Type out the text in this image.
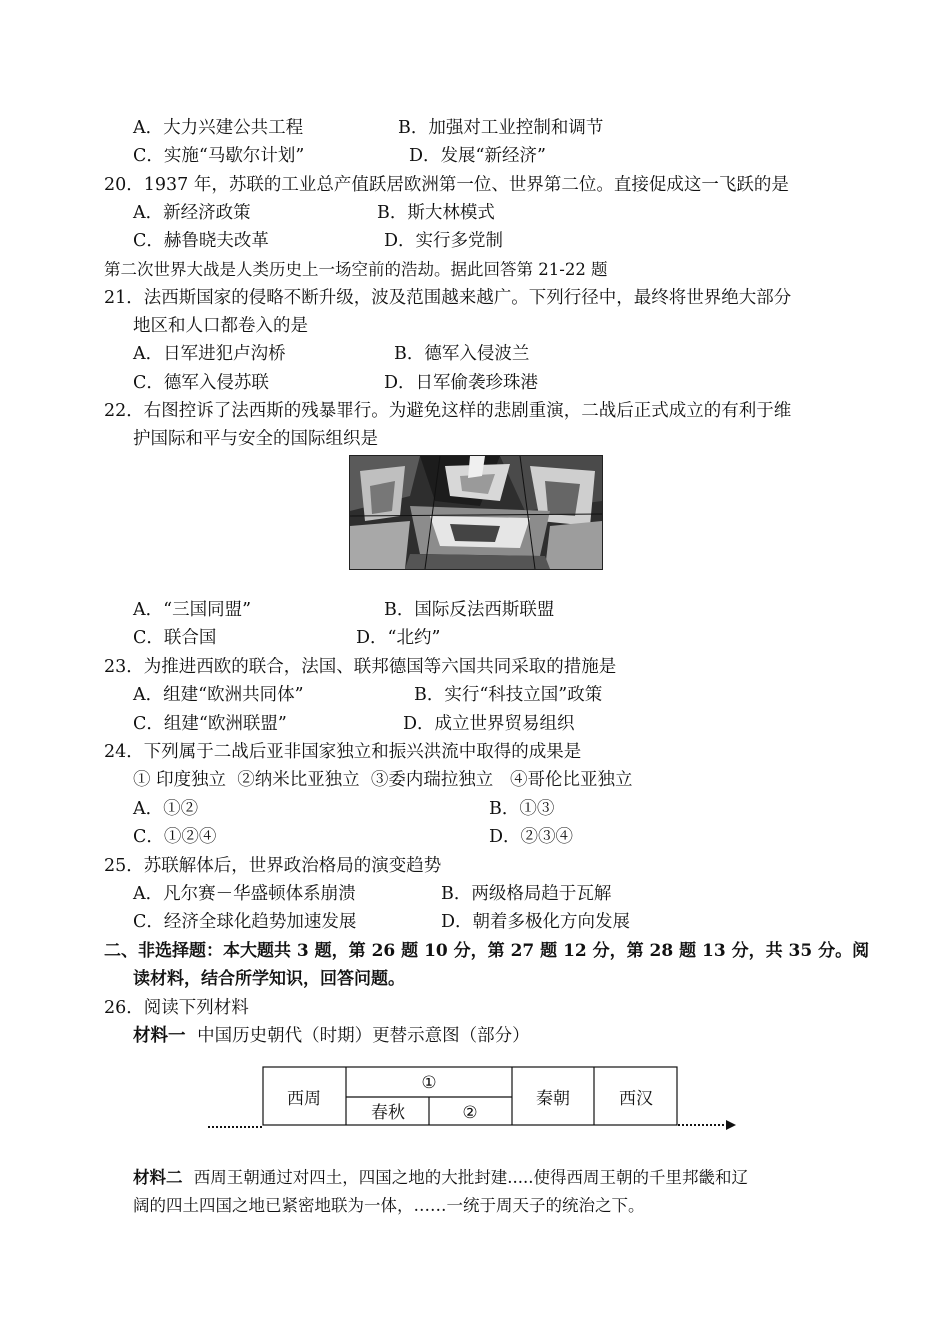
A．大力兴建公共工程	B．加强对工业控制和调节
C．实施“马歇尔计划”	D．发展“新经济”
20．1937 年，苏联的工业总产值跃居欧洲第一位、世界第二位。直接促成这一飞跃的是
A．新经济政策	B．斯大林模式
C．赫鲁晓夫改革	D．实行多党制
第二次世界大战是人类历史上一场空前的浩劫。据此回答第 21-22 题
21．法西斯国家的侵略不断升级，波及范围越来越广。下列行径中，最终将世界绝大部分
地区和人口都卷入的是
A．日军进犯卢沟桥	B．德军入侵波兰
C．德军入侵苏联	D．日军偷袭珍珠港
22．右图控诉了法西斯的残暴罪行。为避免这样的悲剧重演，二战后正式成立的有利于维
护国际和平与安全的国际组织是
A．“三国同盟”	B．国际反法西斯联盟
C．联合国	D．“北约”
23．为推进西欧的联合，法国、联邦德国等六国共同采取的措施是
A．组建“欧洲共同体”	B．实行“科技立国”政策
C．组建“欧洲联盟”	D．成立世界贸易组织
24．下列属于二战后亚非国家独立和振兴洪流中取得的成果是
① 印度独立  ②纳米比亚独立  ③委内瑞拉独立   ④哥伦比亚独立
A．①②	B．①③
C．①②④	D．②③④
25．苏联解体后，世界政治格局的演变趋势
A．凡尔赛－华盛顿体系崩溃	B．两级格局趋于瓦解
C．经济全球化趋势加速发展	D．朝着多极化方向发展
二、非选择题：本大题共 3 题，第 26 题 10 分，第 27 题 12 分，第 28 题 13 分，共 35 分。阅
读材料，结合所学知识，回答问题。
26．阅读下列材料
材料一 中国历史朝代（时期）更替示意图（部分）
西周
①
春秋	②
秦朝	西汉
材料二 西周王朝通过对四土，四国之地的大批封建.....使得西周王朝的千里邦畿和辽
阔的四土四国之地已紧密地联为一体，……一统于周天子的统治之下。
